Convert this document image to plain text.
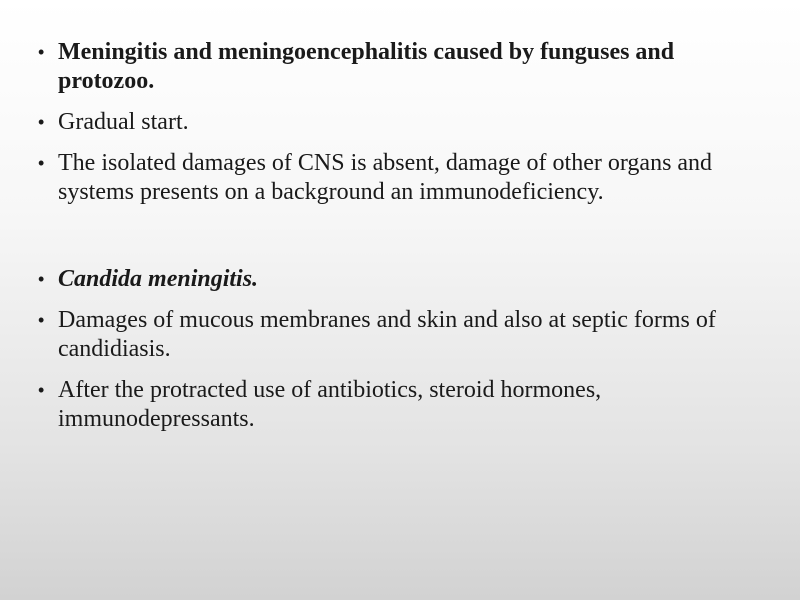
• Meningitis and meningoencephalitis caused by funguses and protozoo.
• Gradual start.
• The isolated damages of CNS is absent, damage of other organs and systems presents on a background an immunodeficiency.
• Candida meningitis.
• Damages of mucous membranes and skin and also at septic forms of candidiasis.
• After the protracted use of antibiotics, steroid hormones, immunodepressants.
